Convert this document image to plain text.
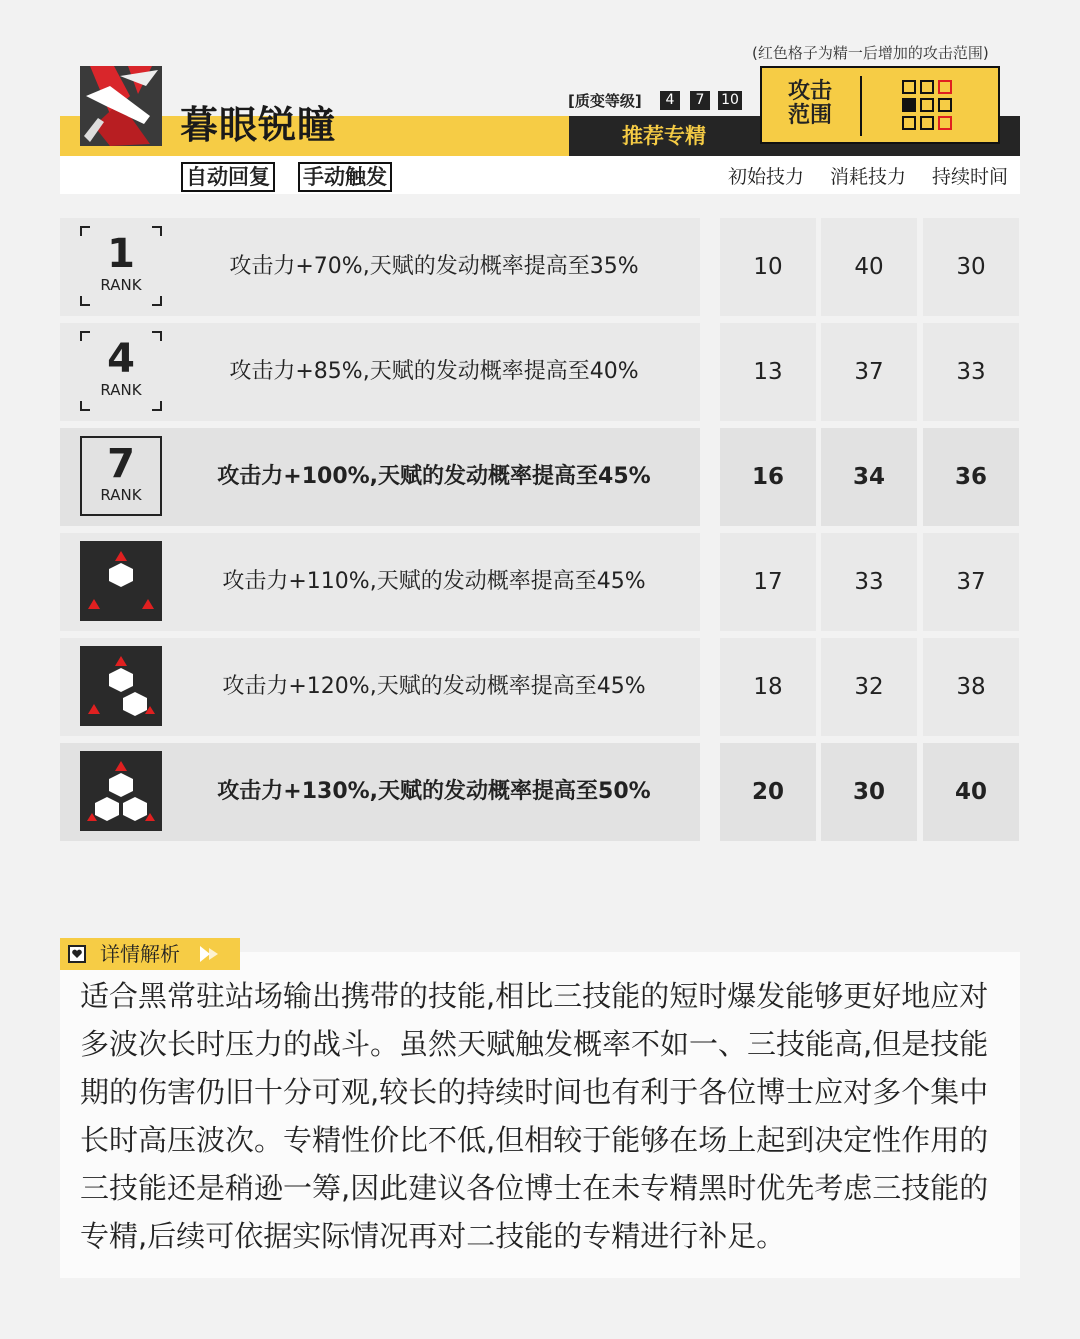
暮眼锐瞳
自动回复 手动触发
(红色格子为精一后增加的攻击范围)
[质变等级]	4	7	10
推荐专精
攻击范围
初始技力 消耗技力 持续时间
1
RANK
攻击力+70%,天赋的发动概率提高至35%	10	40	30
4
RANK
攻击力+85%,天赋的发动概率提高至40%	13	37	33
7
RANK
攻击力+100%,天赋的发动概率提高至45%	16	34	36
攻击力+110%,天赋的发动概率提高至45%	17	33	37
攻击力+120%,天赋的发动概率提高至45%	18	32	38
攻击力+130%,天赋的发动概率提高至50%	20	30	40
详情解析
适合黑常驻站场输出携带的技能,相比三技能的短时爆发能够更好地应对多波次长时压力的战斗。虽然天赋触发概率不如一、三技能高,但是技能期的伤害仍旧十分可观,较长的持续时间也有利于各位博士应对多个集中长时高压波次。专精性价比不低,但相较于能够在场上起到决定性作用的三技能还是稍逊一筹,因此建议各位博士在未专精黑时优先考虑三技能的专精,后续可依据实际情况再对二技能的专精进行补足。
